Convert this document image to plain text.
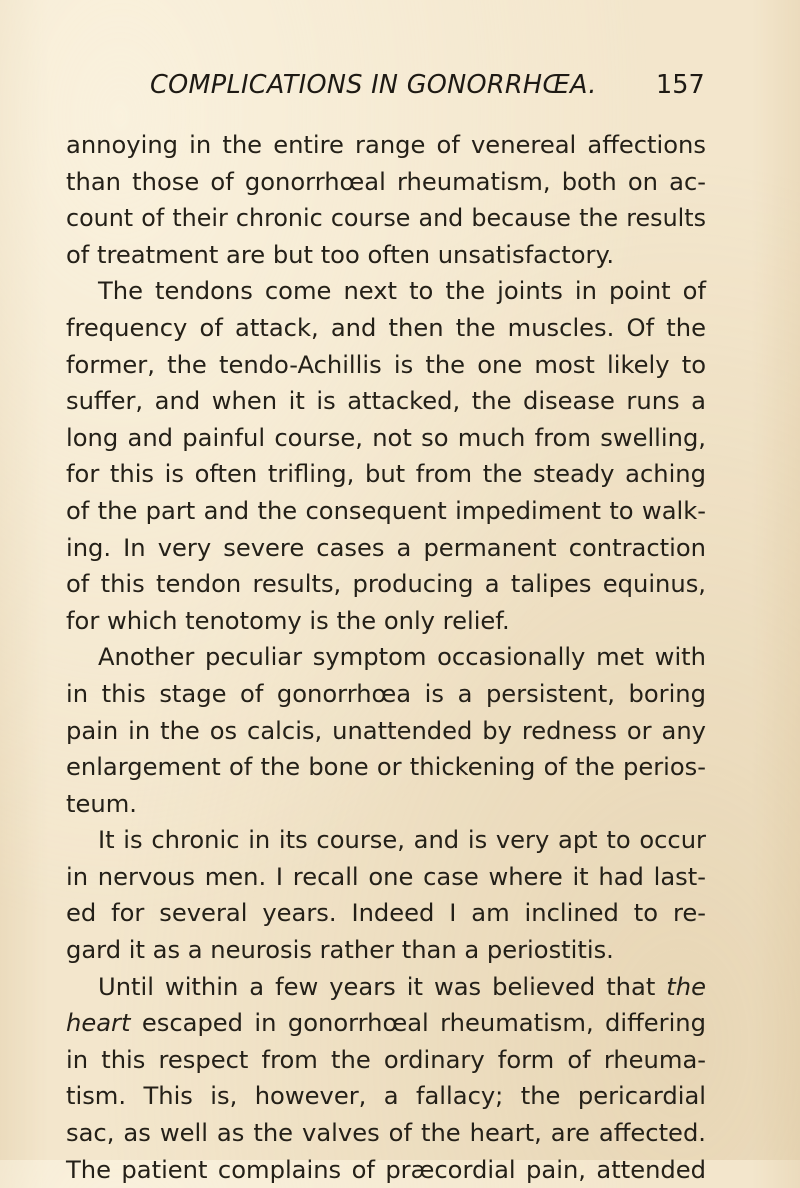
COMPLICATIONS IN GONORRHŒA. 157
annoying in the entire range of venereal affections
than those of gonorrhœal rheumatism, both on ac-
count of their chronic course and because the results
of treatment are but too often unsatisfactory.
The tendons come next to the joints in point of
frequency of attack, and then the muscles. Of the
former, the tendo-Achillis is the one most likely to
suffer, and when it is attacked, the disease runs a
long and painful course, not so much from swelling,
for this is often trifling, but from the steady aching
of the part and the consequent impediment to walk-
ing. In very severe cases a permanent contraction
of this tendon results, producing a talipes equinus,
for which tenotomy is the only relief.
Another peculiar symptom occasionally met with
in this stage of gonorrhœa is a persistent, boring
pain in the os calcis, unattended by redness or any
enlargement of the bone or thickening of the perios-
teum.
It is chronic in its course, and is very apt to occur
in nervous men. I recall one case where it had last-
ed for several years. Indeed I am inclined to re-
gard it as a neurosis rather than a periostitis.
Until within a few years it was believed that the
heart escaped in gonorrhœal rheumatism, differing
in this respect from the ordinary form of rheuma-
tism. This is, however, a fallacy; the pericardial
sac, as well as the valves of the heart, are affected.
The patient complains of præcordial pain, attended
